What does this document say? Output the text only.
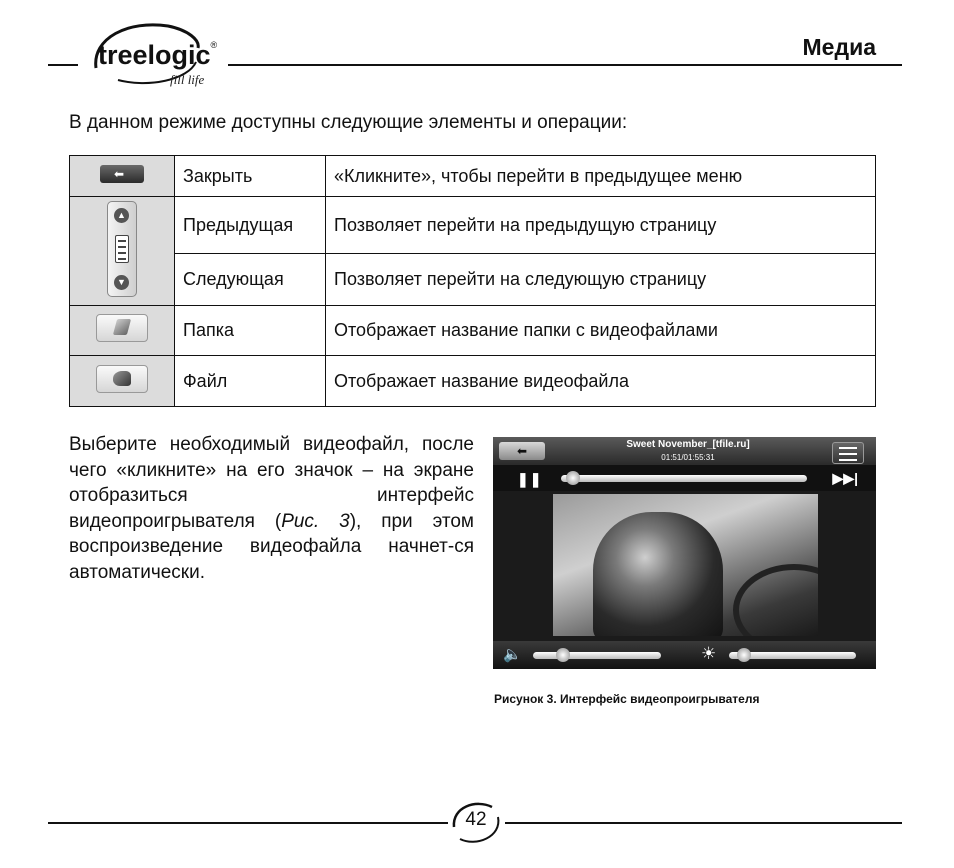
treelogic®
fill life
Медиа
В данном режиме доступны следующие элементы и операции:
⬅	Закрыть	«Кликните», чтобы перейти в предыдущее меню

▲
▼	Предыдущая	Позволяет перейти на предыдущую страницу
	Следующая	Позволяет перейти на следующую страницу

	Папка	Отображает название папки с видеофайлами

	Файл	Отображает название видеофайла
Выберите необходимый видеофайл, после чего «кликните» на его значок – на экране отобразиться интерфейс видеопроигрывателя (Рис. 3), при этом воспроизведение видеофайла начнет-ся автоматически.
⬅	Sweet November_[tfile.ru]
01:51/01:55:31
❚❚	▶▶|
🔈	☀
Рисунок 3. Интерфейс видеопроигрывателя
42
